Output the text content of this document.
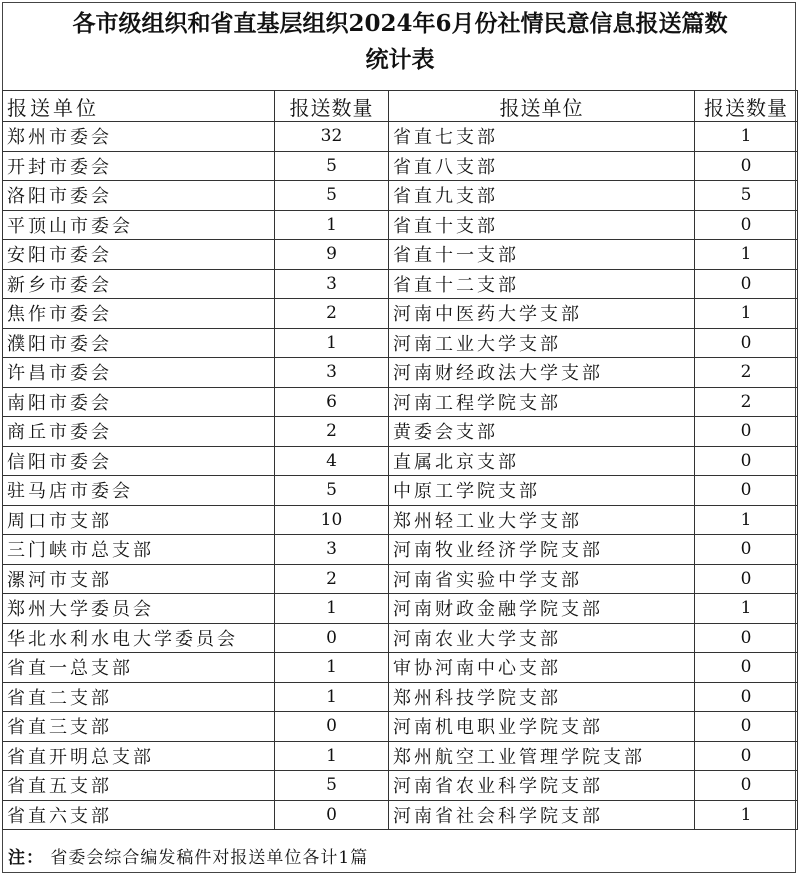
各市级组织和省直基层组织2024年6月份社情民意信息报送篇数
统计表
报送单位	报送数量	报送单位	报送数量
郑州市委会	32	省直七支部	1
开封市委会	5	省直八支部	0
洛阳市委会	5	省直九支部	5
平顶山市委会	1	省直十支部	0
安阳市委会	9	省直十一支部	1
新乡市委会	3	省直十二支部	0
焦作市委会	2	河南中医药大学支部	1
濮阳市委会	1	河南工业大学支部	0
许昌市委会	3	河南财经政法大学支部	2
南阳市委会	6	河南工程学院支部	2
商丘市委会	2	黄委会支部	0
信阳市委会	4	直属北京支部	0
驻马店市委会	5	中原工学院支部	0
周口市支部	10	郑州轻工业大学支部	1
三门峡市总支部	3	河南牧业经济学院支部	0
漯河市支部	2	河南省实验中学支部	0
郑州大学委员会	1	河南财政金融学院支部	1
华北水利水电大学委员会	0	河南农业大学支部	0
省直一总支部	1	审协河南中心支部	0
省直二支部	1	郑州科技学院支部	0
省直三支部	0	河南机电职业学院支部	0
省直开明总支部	1	郑州航空工业管理学院支部	0
省直五支部	5	河南省农业科学院支部	0
省直六支部	0	河南省社会科学院支部	1
注： 省委会综合编发稿件对报送单位各计1篇
